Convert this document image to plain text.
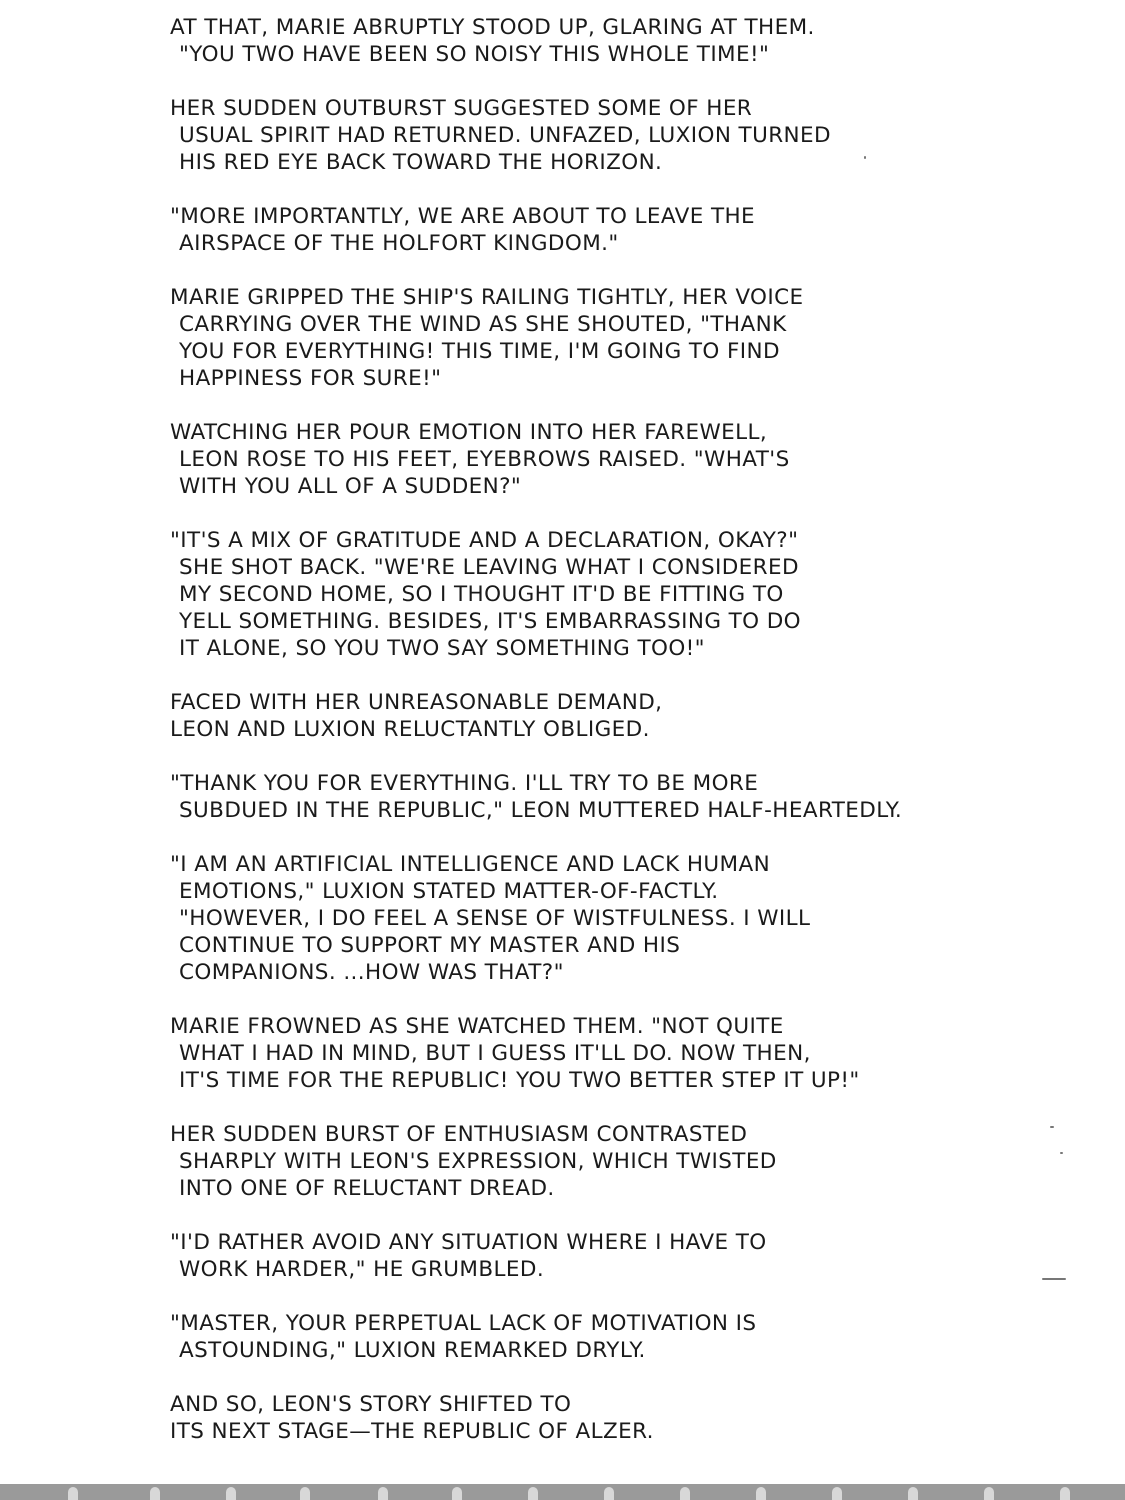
AT THAT, MARIE ABRUPTLY STOOD UP, GLARING AT THEM.
"YOU TWO HAVE BEEN SO NOISY THIS WHOLE TIME!"
HER SUDDEN OUTBURST SUGGESTED SOME OF HER
USUAL SPIRIT HAD RETURNED. UNFAZED, LUXION TURNED
HIS RED EYE BACK TOWARD THE HORIZON.
"MORE IMPORTANTLY, WE ARE ABOUT TO LEAVE THE
AIRSPACE OF THE HOLFORT KINGDOM."
MARIE GRIPPED THE SHIP'S RAILING TIGHTLY, HER VOICE
CARRYING OVER THE WIND AS SHE SHOUTED, "THANK
YOU FOR EVERYTHING! THIS TIME, I'M GOING TO FIND
HAPPINESS FOR SURE!"
WATCHING HER POUR EMOTION INTO HER FAREWELL,
LEON ROSE TO HIS FEET, EYEBROWS RAISED. "WHAT'S
WITH YOU ALL OF A SUDDEN?"
"IT'S A MIX OF GRATITUDE AND A DECLARATION, OKAY?"
SHE SHOT BACK. "WE'RE LEAVING WHAT I CONSIDERED
MY SECOND HOME, SO I THOUGHT IT'D BE FITTING TO
YELL SOMETHING. BESIDES, IT'S EMBARRASSING TO DO
IT ALONE, SO YOU TWO SAY SOMETHING TOO!"
FACED WITH HER UNREASONABLE DEMAND,
LEON AND LUXION RELUCTANTLY OBLIGED.
"THANK YOU FOR EVERYTHING. I'LL TRY TO BE MORE
SUBDUED IN THE REPUBLIC," LEON MUTTERED HALF-HEARTEDLY.
"I AM AN ARTIFICIAL INTELLIGENCE AND LACK HUMAN
EMOTIONS," LUXION STATED MATTER-OF-FACTLY.
"HOWEVER, I DO FEEL A SENSE OF WISTFULNESS. I WILL
CONTINUE TO SUPPORT MY MASTER AND HIS
COMPANIONS. ...HOW WAS THAT?"
MARIE FROWNED AS SHE WATCHED THEM. "NOT QUITE
WHAT I HAD IN MIND, BUT I GUESS IT'LL DO. NOW THEN,
IT'S TIME FOR THE REPUBLIC! YOU TWO BETTER STEP IT UP!"
HER SUDDEN BURST OF ENTHUSIASM CONTRASTED
SHARPLY WITH LEON'S EXPRESSION, WHICH TWISTED
INTO ONE OF RELUCTANT DREAD.
"I'D RATHER AVOID ANY SITUATION WHERE I HAVE TO
WORK HARDER," HE GRUMBLED.
"MASTER, YOUR PERPETUAL LACK OF MOTIVATION IS
ASTOUNDING," LUXION REMARKED DRYLY.
AND SO, LEON'S STORY SHIFTED TO
ITS NEXT STAGE—THE REPUBLIC OF ALZER.
